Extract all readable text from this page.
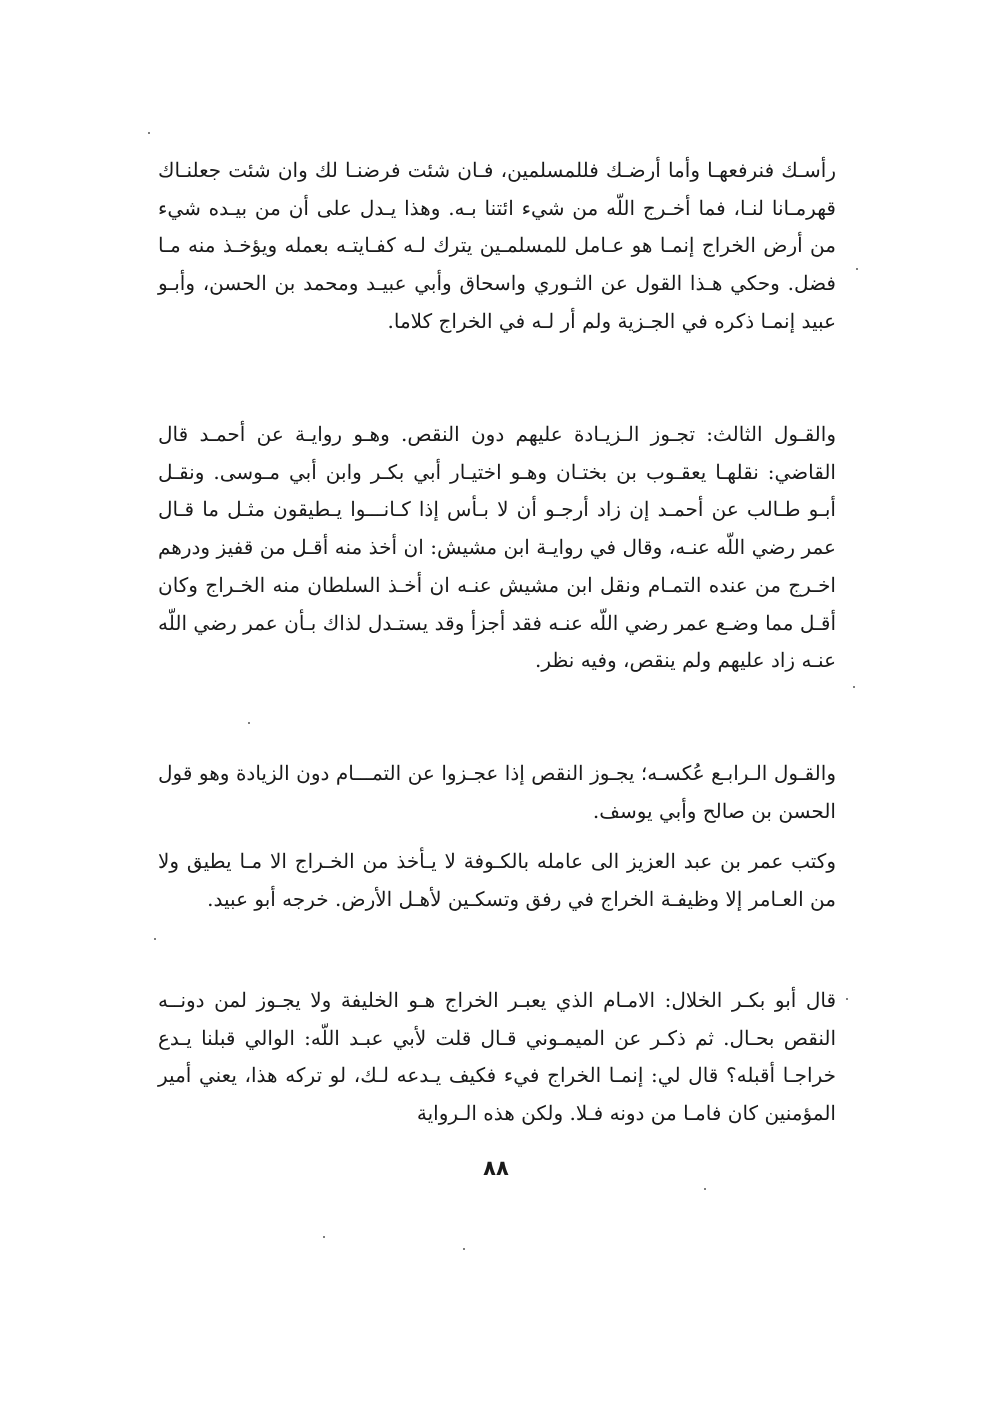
رأسـك فنرفعهـا وأما أرضـك فللمسلمين، فـان شئت فرضنـا لك وان شئت جعلنـاك قهرمـانا لنـا، فما أخـرج اللّه من شيء ائتنا بـه. وهذا يـدل على أن من بيـده شيء من أرض الخراج إنمـا هو عـامل للمسلمـين يترك لـه كفـايتـه بعمله ويؤخـذ منه مـا فضل. وحكي هـذا القول عن الثـوري واسحاق وأبي عبيـد ومحمد بن الحسن، وأبـو عبيد إنمـا ذكره في الجـزية ولم أر لـه في الخراج كلاما.

والقـول الثالث: تجـوز الـزيـادة عليهم دون النقص. وهـو روايـة عن أحمـد قال القاضي: نقلهـا يعقـوب بن بختـان وهـو اختيـار أبي بكـر وابن أبي مـوسى. ونقـل أبـو طـالب عن أحمـد إن زاد أرجـو أن لا بـأس إذا كـانـــوا يـطيقون مثـل ما قـال عمر رضي اللّه عنـه، وقال في روايـة ابن مشيش: ان أخذ منه أقـل من قفيز ودرهم اخـرج من عنده التمـام ونقل ابن مشيش عنـه ان أخـذ السلطان منه الخـراج وكان أقـل مما وضـع عمر رضي اللّه عنـه فقد أجزأ وقد يستـدل لذاك بـأن عمر رضي اللّه عنـه زاد عليهم ولم ينقص، وفيه نظر.

والقـول الـرابـع عُكسـه؛ يجـوز النقص إذا عجـزوا عن التمـــام دون الزيادة وهو قول الحسن بن صالح وأبي يوسف.

وكتب عمر بن عبد العزيز الى عامله بالكـوفة لا يـأخذ من الخـراج الا مـا يطيق ولا من العـامر إلا وظيفـة الخراج في رفق وتسكـين لأهـل الأرض. خرجه أبو عبيد.

قال أبو بكـر الخلال: الامـام الذي يعبـر الخراج هـو الخليفة ولا يجـوز لمن دونــه النقص بحـال. ثم ذكـر عن الميمـوني قـال قلت لأبي عبـد اللّه: الوالي قبلنا يـدع خراجـا أقبله؟ قال لي: إنمـا الخراج فيء فكيف يـدعه لـك، لو تركه هذا، يعني أمير المؤمنين كان فامـا من دونه فـلا. ولكن هذه الـرواية

٨٨
